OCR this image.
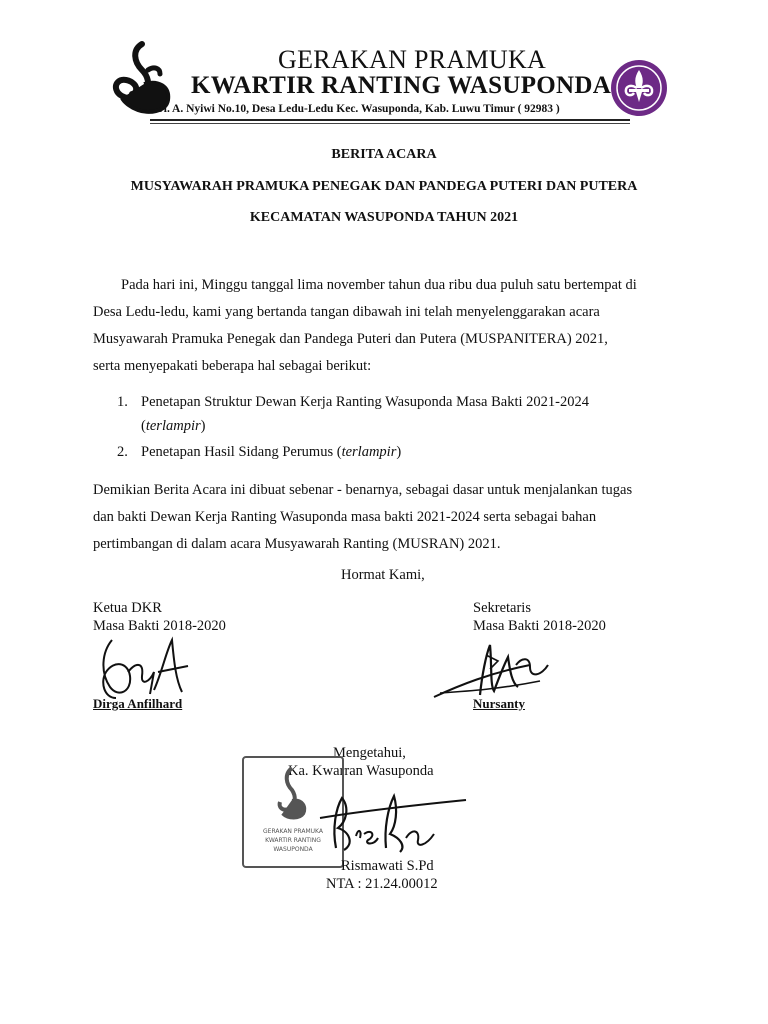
GERAKAN PRAMUKA
KWARTIR RANTING WASUPONDA
Jl. A. Nyiwi No.10, Desa Ledu-Ledu Kec. Wasuponda, Kab. Luwu Timur ( 92983 )
BERITA ACARA
MUSYAWARAH PRAMUKA PENEGAK DAN PANDEGA PUTERI DAN PUTERA
KECAMATAN WASUPONDA TAHUN 2021
Pada hari ini, Minggu tanggal lima november tahun dua ribu dua puluh satu bertempat di
Desa Ledu-ledu, kami yang bertanda tangan dibawah ini telah menyelenggarakan acara
Musyawarah Pramuka Penegak dan Pandega Puteri dan Putera (MUSPANITERA) 2021,
serta menyepakati beberapa hal sebagai berikut:
1. Penetapan Struktur Dewan Kerja Ranting Wasuponda Masa Bakti 2021-2024
(terlampir)
2. Penetapan Hasil Sidang Perumus (terlampir)
Demikian Berita Acara ini dibuat sebenar - benarnya, sebagai dasar untuk menjalankan tugas
dan bakti Dewan Kerja Ranting Wasuponda masa bakti 2021-2024 serta sebagai bahan
pertimbangan di dalam acara Musyawarah Ranting (MUSRAN) 2021.
Hormat Kami,
Ketua DKR
Masa Bakti 2018-2020
Dirga Anfilhard
Sekretaris
Masa Bakti 2018-2020
Nursanty
Mengetahui,
Ka. Kwarran Wasuponda
GERAKAN PRAMUKA
KWARTIR RANTING
WASUPONDA
Rismawati S.Pd
NTA : 21.24.00012
